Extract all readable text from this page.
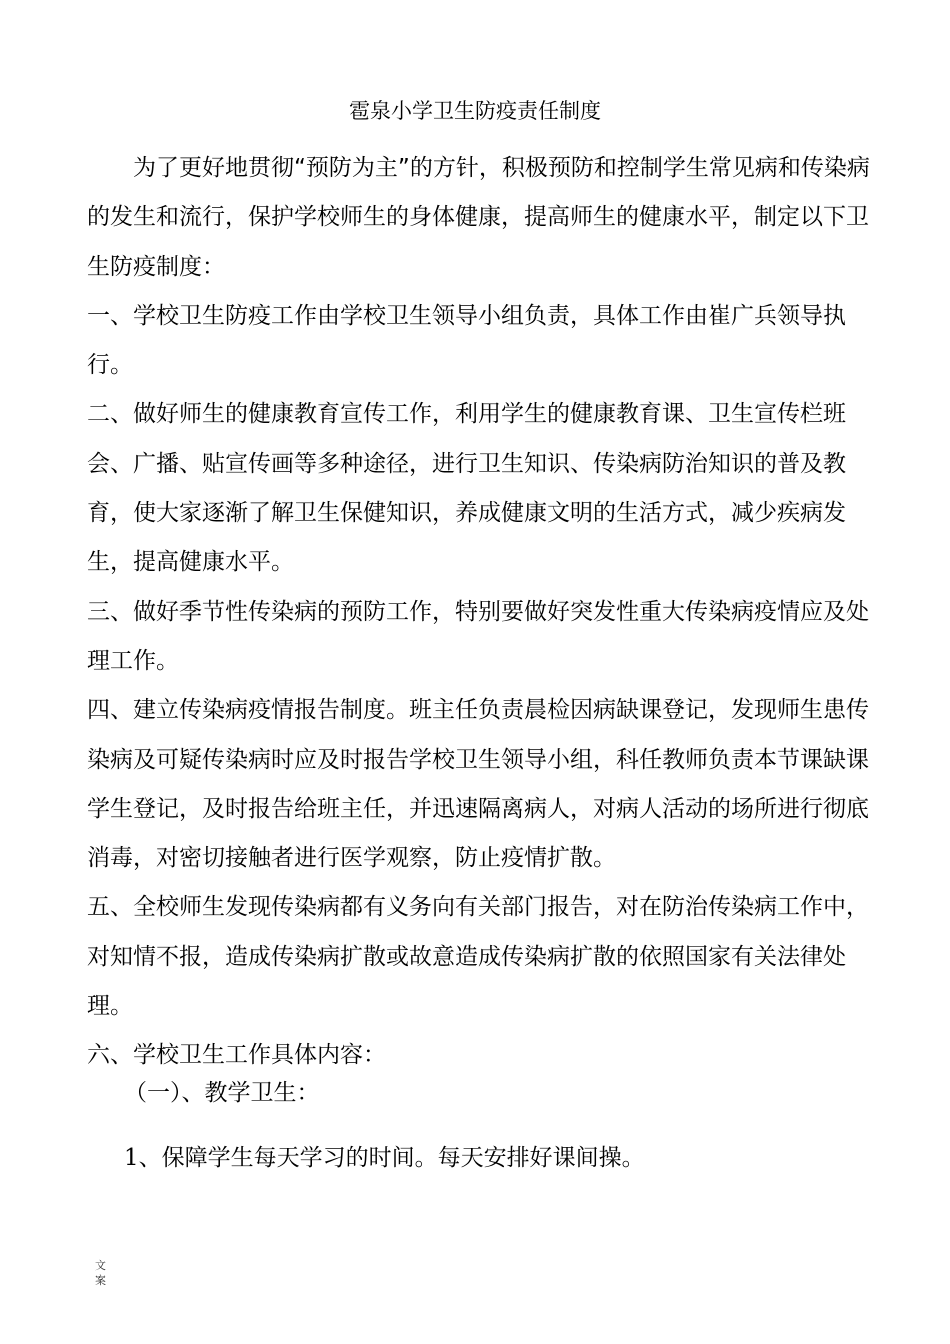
雹泉小学卫生防疫责任制度

为了更好地贯彻“预防为主”的方针，积极预防和控制学生常见病和传染病的发生和流行，保护学校师生的身体健康，提高师生的健康水平，制定以下卫生防疫制度：

一、学校卫生防疫工作由学校卫生领导小组负责，具体工作由崔广兵领导执行。

二、做好师生的健康教育宣传工作，利用学生的健康教育课、卫生宣传栏班会、广播、贴宣传画等多种途径，进行卫生知识、传染病防治知识的普及教育，使大家逐渐了解卫生保健知识，养成健康文明的生活方式，减少疾病发生，提高健康水平。

三、做好季节性传染病的预防工作，特别要做好突发性重大传染病疫情应及处理工作。

四、建立传染病疫情报告制度。班主任负责晨检因病缺课登记，发现师生患传染病及可疑传染病时应及时报告学校卫生领导小组，科任教师负责本节课缺课学生登记，及时报告给班主任，并迅速隔离病人，对病人活动的场所进行彻底消毒，对密切接触者进行医学观察，防止疫情扩散。

五、全校师生发现传染病都有义务向有关部门报告，对在防治传染病工作中，对知情不报，造成传染病扩散或故意造成传染病扩散的依照国家有关法律处理。

六、学校卫生工作具体内容：

（一）、教学卫生：
1、保障学生每天学习的时间。每天安排好课间操。
文案
